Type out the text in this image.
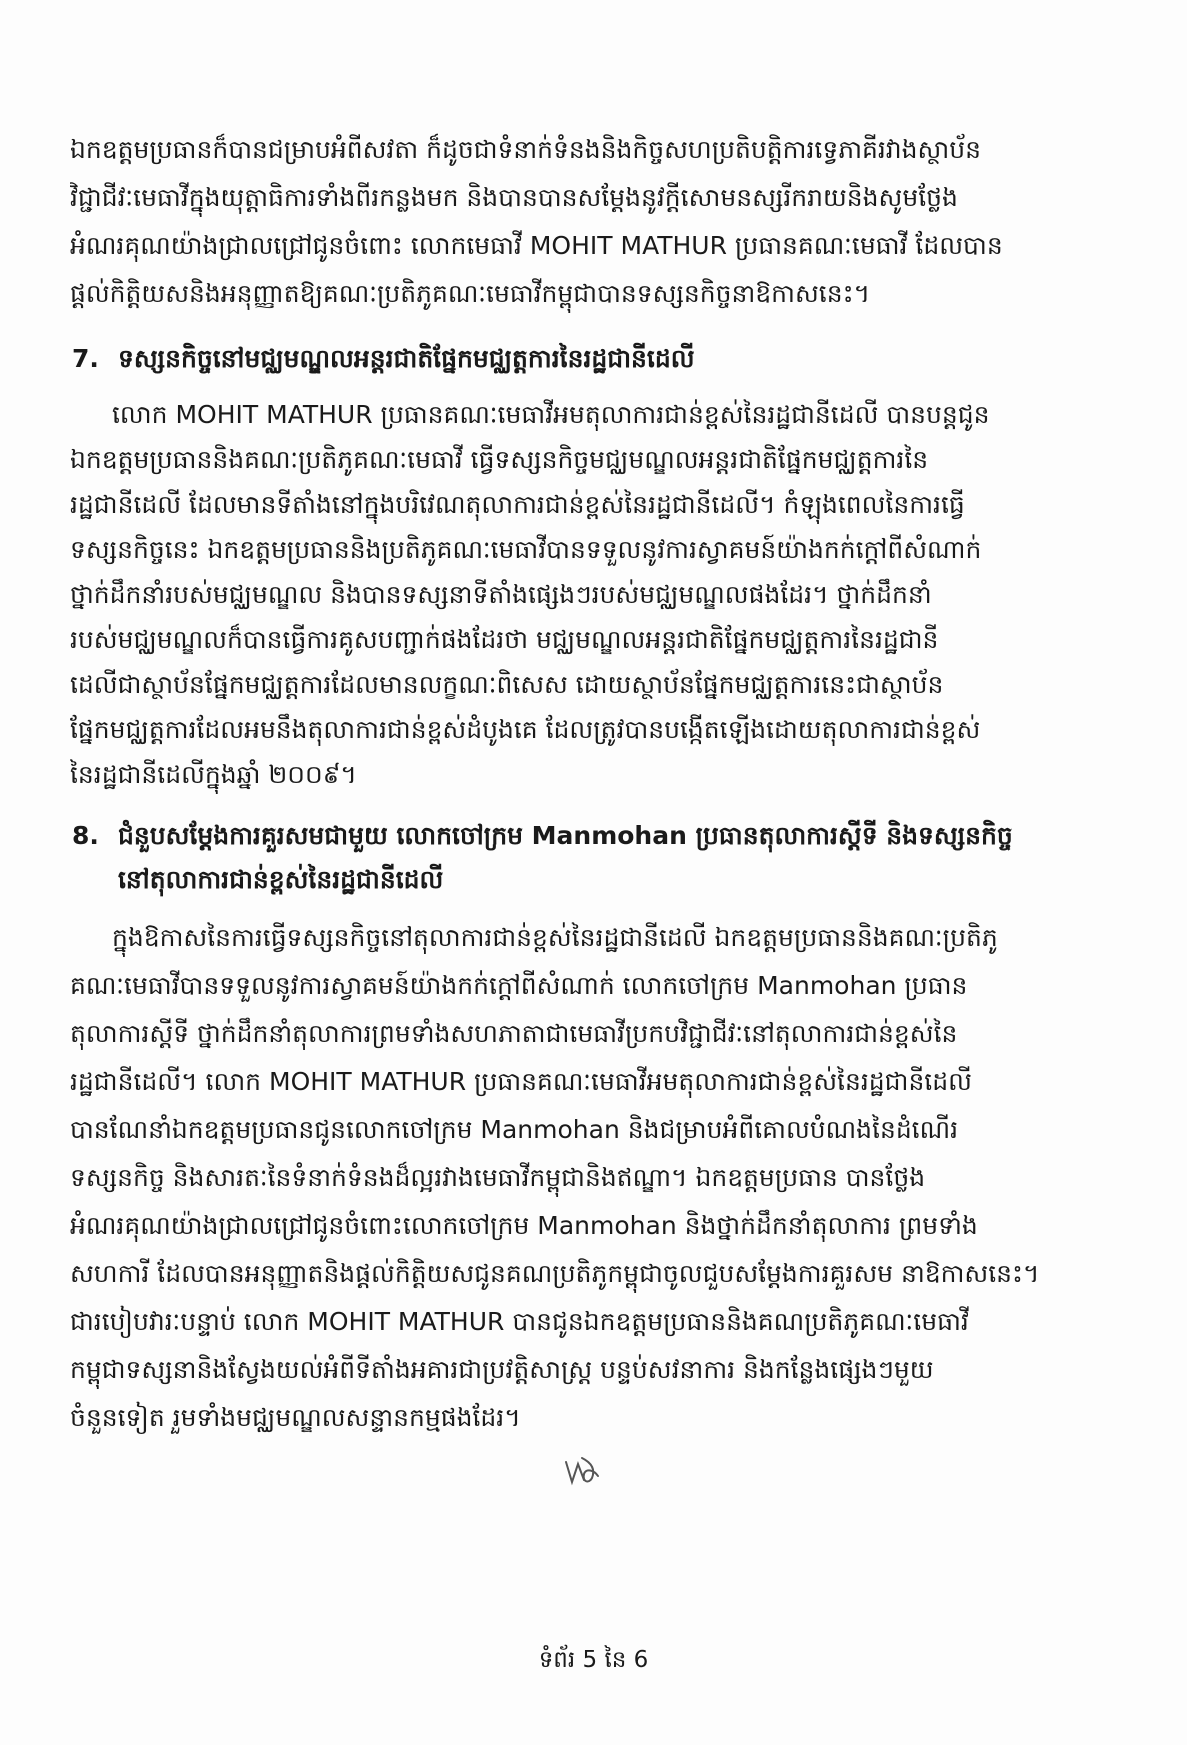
ឯកឧត្តមប្រធានក៏បានជម្រាបអំពីសវតា ក៏ដូចជាទំនាក់ទំនងនិងកិច្ចសហប្រតិបត្តិការទ្វេភាគីរវាងស្ថាប័ន
វិជ្ជាជីវៈមេធាវីក្នុងយុត្តាធិការទាំងពីរកន្លងមក និងបានបានសម្តែងនូវក្តីសោមនស្សរីករាយនិងសូមថ្លែង
អំណរគុណយ៉ាងជ្រាលជ្រៅជូនចំពោះ លោកមេធាវី MOHIT MATHUR ប្រធានគណៈមេធាវី ដែលបាន
ផ្តល់កិត្តិយសនិងអនុញ្ញាតឱ្យគណៈប្រតិភូគណៈមេធាវីកម្ពុជាបានទស្សនកិច្ចនាឱកាសនេះ។
7. ទស្សនកិច្ចនៅមជ្ឈមណ្ឌលអន្តរជាតិផ្នែកមជ្ឈត្តការនៃរដ្ឋជានីដេលី
លោក MOHIT MATHUR ប្រធានគណៈមេធាវីអមតុលាការជាន់ខ្ពស់នៃរដ្ឋជានីដេលី បានបន្តជូន
ឯកឧត្តមប្រធាននិងគណៈប្រតិភូគណៈមេធាវី ធ្វើទស្សនកិច្ចមជ្ឈមណ្ឌលអន្តរជាតិផ្នែកមជ្ឈត្តការនៃ
រដ្ឋជានីដេលី ដែលមានទីតាំងនៅក្នុងបរិវេណតុលាការជាន់ខ្ពស់នៃរដ្ឋជានីដេលី។ កំឡុងពេលនៃការធ្វើ
ទស្សនកិច្ចនេះ ឯកឧត្តមប្រធាននិងប្រតិភូគណៈមេធាវីបានទទួលនូវការស្វាគមន៍យ៉ាងកក់ក្តៅពីសំណាក់
ថ្នាក់ដឹកនាំរបស់មជ្ឈមណ្ឌល និងបានទស្សនាទីតាំងផ្សេងៗរបស់មជ្ឈមណ្ឌលផងដែរ។ ថ្នាក់ដឹកនាំ
របស់មជ្ឈមណ្ឌលក៏បានធ្វើការគូសបញ្ជាក់ផងដែរថា មជ្ឈមណ្ឌលអន្តរជាតិផ្នែកមជ្ឈត្តការនៃរដ្ឋជានី
ដេលីជាស្ថាប័នផ្នែកមជ្ឈត្តការដែលមានលក្ខណៈពិសេស ដោយស្ថាប័នផ្នែកមជ្ឈត្តការនេះជាស្ថាប័ន
ផ្នែកមជ្ឈត្តការដែលអមនឹងតុលាការជាន់ខ្ពស់ដំបូងគេ ដែលត្រូវបានបង្កើតឡើងដោយតុលាការជាន់ខ្ពស់
នៃរដ្ឋជានីដេលីក្នុងឆ្នាំ ២០០៩។
8. ជំនួបសម្តែងការគួរសមជាមួយ លោកចៅក្រម Manmohan ប្រធានតុលាការស្តីទី និងទស្សនកិច្ច
នៅតុលាការជាន់ខ្ពស់នៃរដ្ឋជានីដេលី
ក្នុងឱកាសនៃការធ្វើទស្សនកិច្ចនៅតុលាការជាន់ខ្ពស់នៃរដ្ឋជានីដេលី ឯកឧត្តមប្រធាននិងគណៈប្រតិភូ
គណៈមេធាវីបានទទួលនូវការស្វាគមន៍យ៉ាងកក់ក្តៅពីសំណាក់ លោកចៅក្រម Manmohan ប្រធាន
តុលាការស្តីទី ថ្នាក់ដឹកនាំតុលាការព្រមទាំងសហភាតាជាមេធាវីប្រកបវិជ្ជាជីវៈនៅតុលាការជាន់ខ្ពស់នៃ
រដ្ឋជានីដេលី។ លោក MOHIT MATHUR ប្រធានគណៈមេធាវីអមតុលាការជាន់ខ្ពស់នៃរដ្ឋជានីដេលី
បានណែនាំឯកឧត្តមប្រធានជូនលោកចៅក្រម Manmohan និងជម្រាបអំពីគោលបំណងនៃដំណើរ
ទស្សនកិច្ច និងសារតៈនៃទំនាក់ទំនងដ៏ល្អរវាងមេធាវីកម្ពុជានិងឥណ្ឌា។ ឯកឧត្តមប្រធាន បានថ្លែង
អំណរគុណយ៉ាងជ្រាលជ្រៅជូនចំពោះលោកចៅក្រម Manmohan និងថ្នាក់ដឹកនាំតុលាការ ព្រមទាំង
សហការី ដែលបានអនុញ្ញាតនិងផ្តល់កិត្តិយសជូនគណប្រតិភូកម្ពុជាចូលជួបសម្តែងការគួរសម នាឱកាសនេះ។
ជារបៀបវារៈបន្ទាប់ លោក MOHIT MATHUR បានជូនឯកឧត្តមប្រធាននិងគណប្រតិភូគណៈមេធាវី
កម្ពុជាទស្សនានិងស្វែងយល់អំពីទីតាំងអគារជាប្រវត្តិសាស្ត្រ បន្ទប់សវនាការ និងកន្លែងផ្សេងៗមួយ
ចំនួនទៀត រួមទាំងមជ្ឈមណ្ឌលសន្ទានកម្មផងដែរ។
ទំព័រ 5 នៃ 6
